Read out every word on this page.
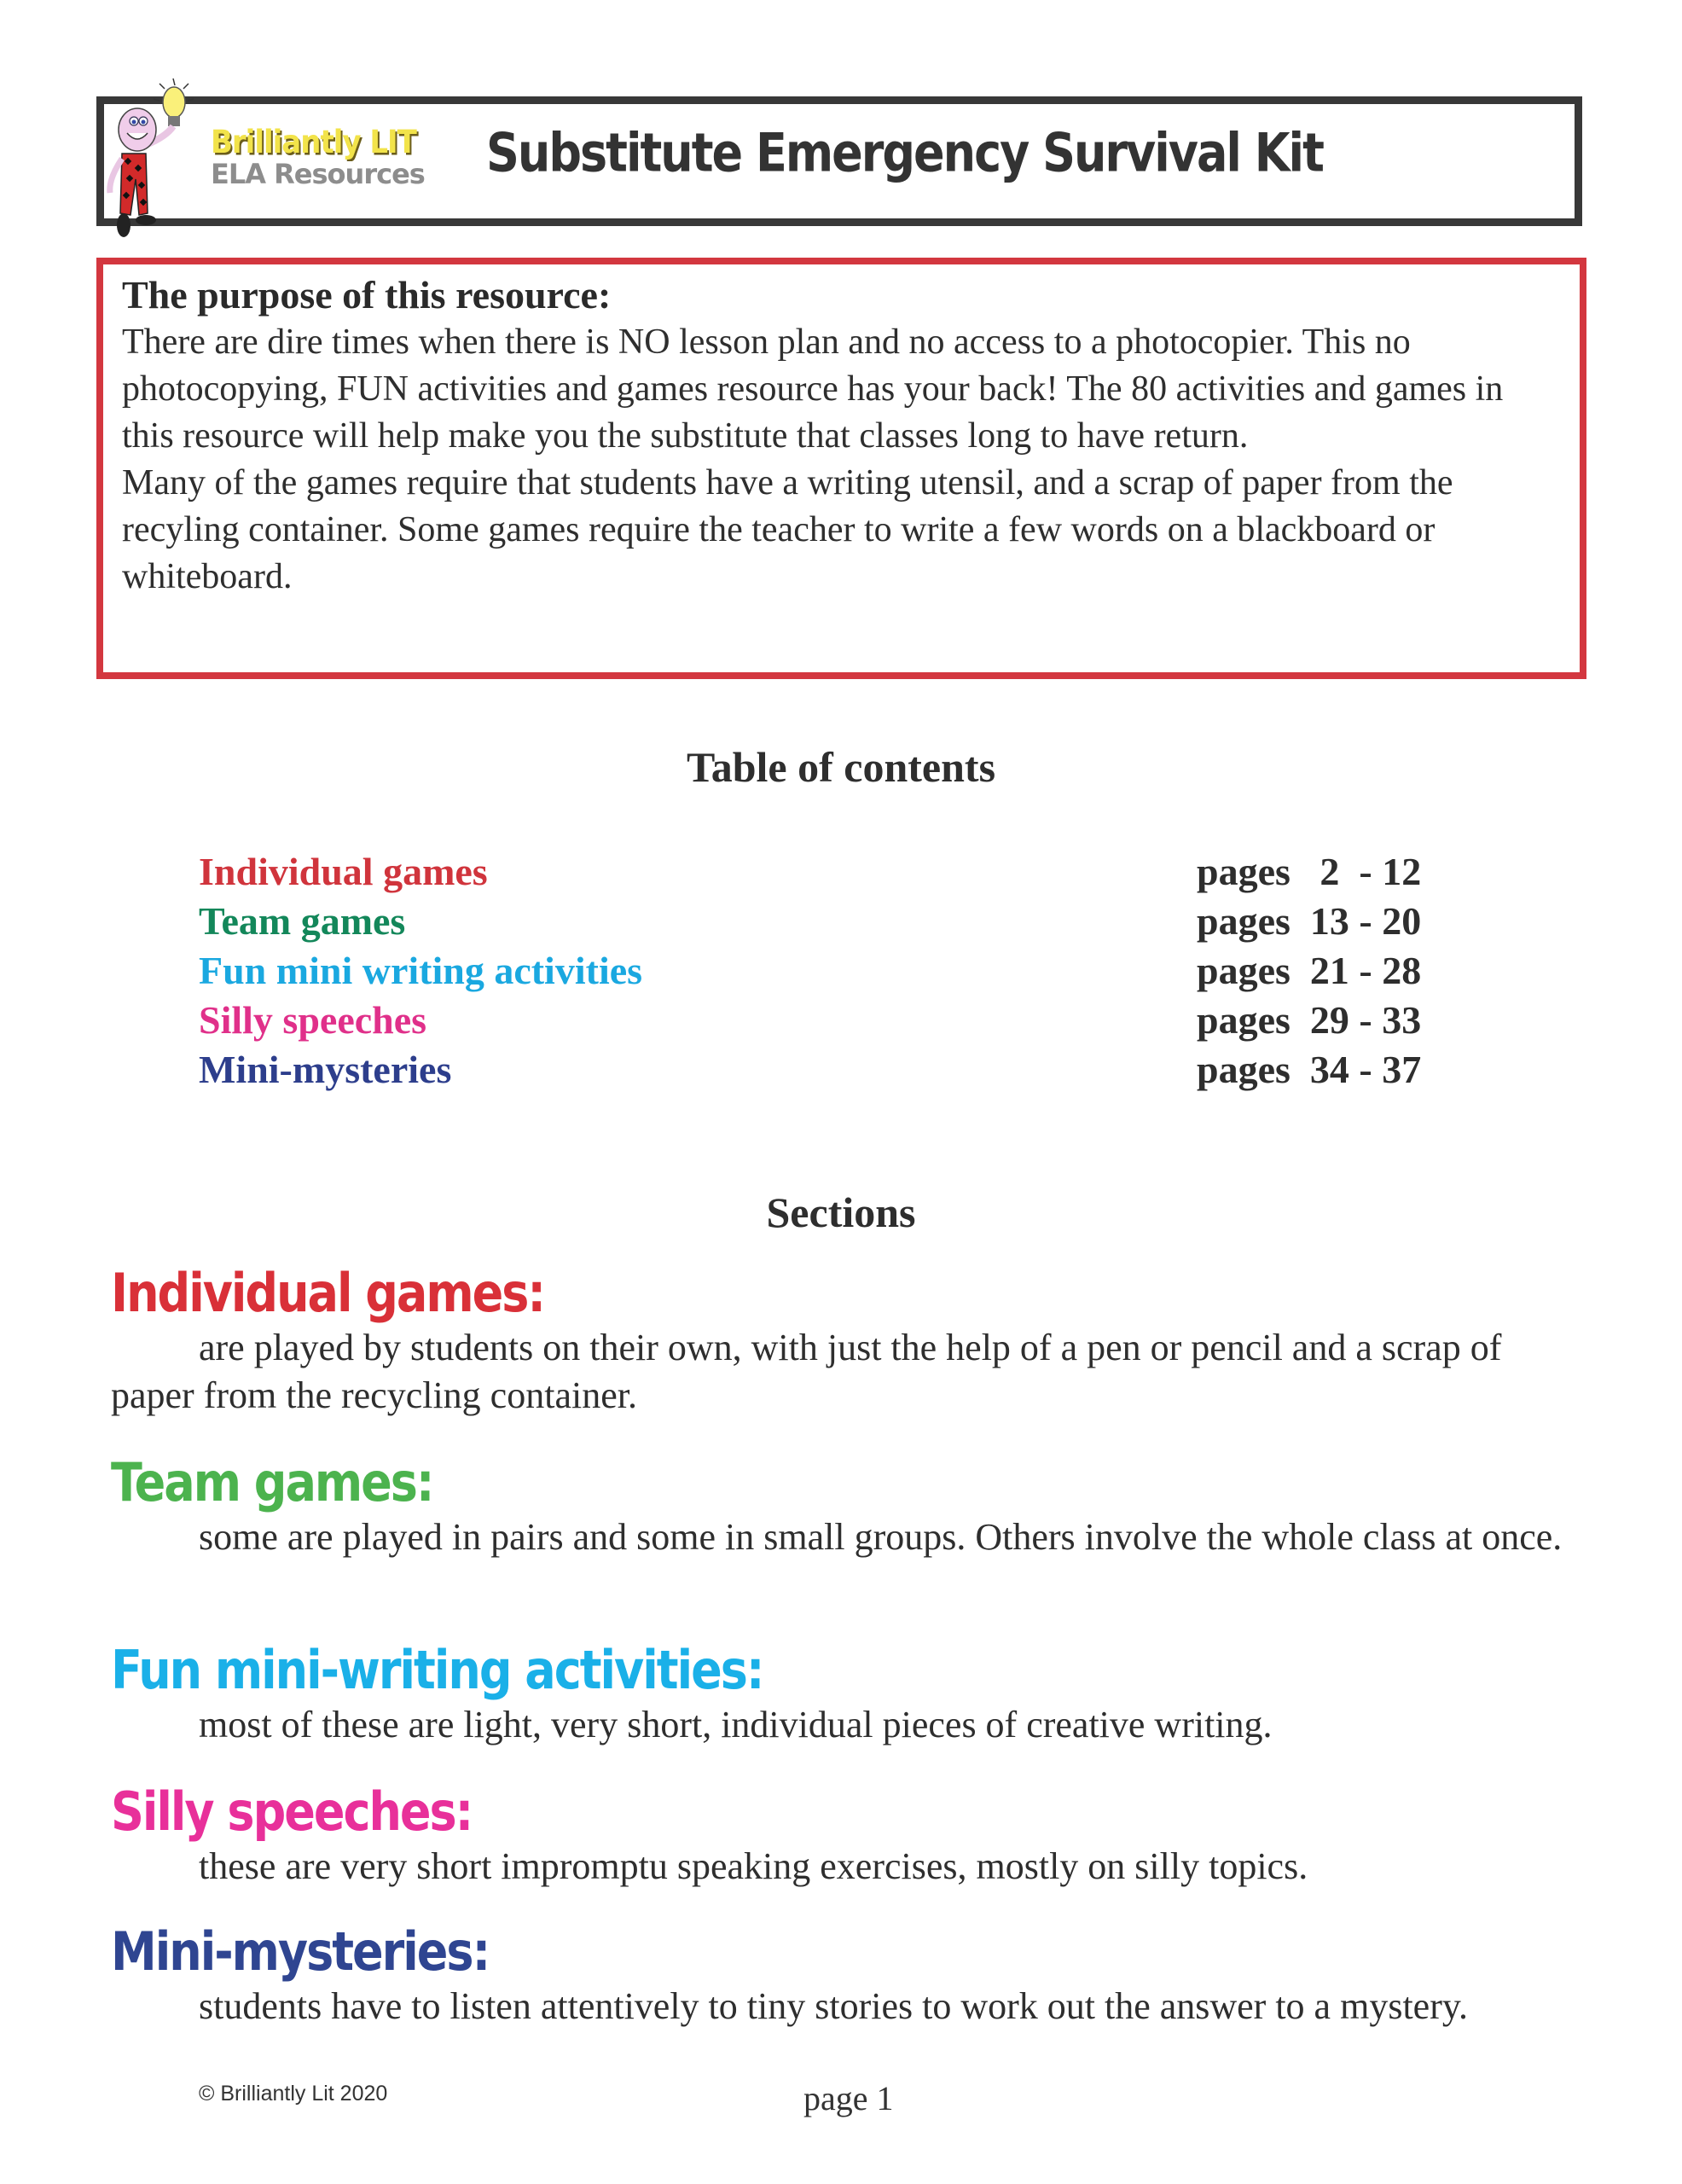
Brilliantly LIT
ELA Resources Substitute Emergency Survival Kit
The purpose of this resource:

There are dire times when there is NO lesson plan and no access to a photocopier. This no photocopying, FUN activities and games resource has your back! The 80 activities and games in this resource will help make you the substitute that classes long to have return.

Many of the games require that students have a writing utensil, and a scrap of paper from the recyling container. Some games require the teacher to write a few words on a blackboard or whiteboard.

Table of contents
Individual games	pages   2  - 12
Team games	pages  13 - 20
Fun mini writing activities	pages  21 - 28
Silly speeches	pages  29 - 33
Mini-mysteries	pages  34 - 37
Sections
Individual games:

are played by students on their own, with just the help of a pen or pencil and a scrap of paper from the recycling container.

Team games:

some are played in pairs and some in small groups. Others involve the whole class at once.

Fun mini-writing activities:

most of these are light, very short, individual pieces of creative writing.

Silly speeches:

these are very short impromptu speaking exercises, mostly on silly topics.

Mini-mysteries:

students have to listen attentively to tiny stories to work out the answer to a mystery.

© Brilliantly Lit 2020	page 1
